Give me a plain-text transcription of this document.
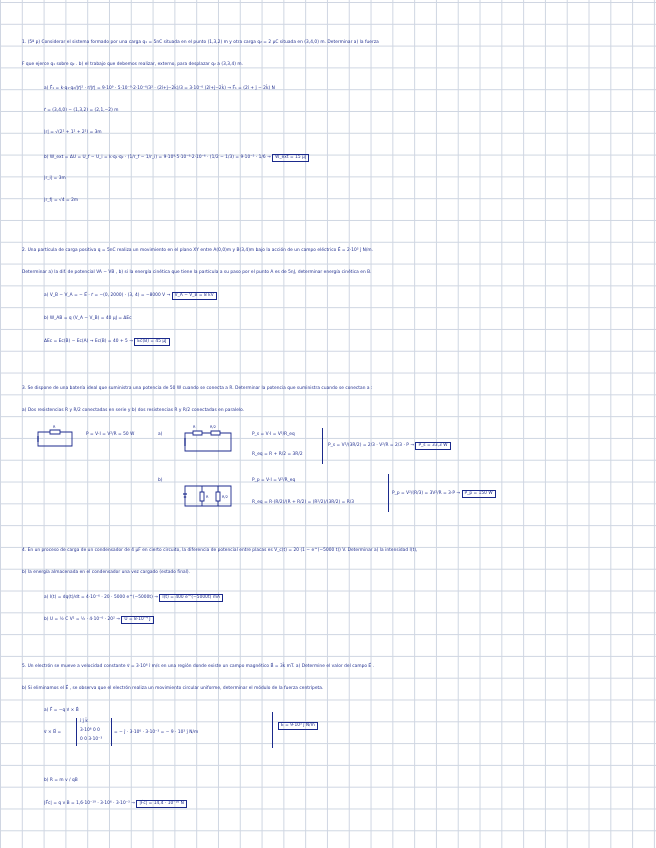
1. (5ª p) Considerar el sistema formado por una carga q₁ = 5nC situada en el punto (1,3,2) m y otra carga q₂ = 2 μC situada en (3,4,0) m. Determinar a) la fuerza
F que ejerce q₁ sobre q₂ . b) el trabajo que debemos realizar, externo, para desplazar q₂ a (3,3,4) m.
a) F⃗₁ = k·q₁·q₂/|r⃗|² · r⃗/|r⃗| = 9·10⁹ · 5·10⁻⁹·2·10⁻⁶/3² · (2î+ĵ−2k̂)/3 = 3·10⁻⁶ (2î+ĵ−2k̂) → F⃗₁ = (2î + ĵ − 2k̂) N
r⃗ = (3,4,0) − (1,3,2) = (2,1,−2) m
|r| = √(2² + 1² + 2²) = 3m
b) W_ext = ΔU = U_f − U_i = k·q₁·q₂ · (1/r_f − 1/r_i) = 9·10⁹·5·10⁻⁹·2·10⁻⁶ · (1/2 − 1/3) = 9·10⁻⁵ · 1/6 → W_ext = 15 μJ
|r_i| = 3m
|r_f| = √4 = 2m
2. Una partícula de carga positiva q = 5nC realiza un movimiento en el plano XY entre A(0,0)m y B(3,4)m bajo la acción de un campo eléctrico E⃗ = 2·10³ ĵ N/m.
Determinar a) la dif. de potencial VA − VB , b) si la energía cinética que tiene la partícula a su paso por el punto A es de 5nJ, determinar energía cinética en B.
a) V_B − V_A = − E⃗ · r⃗ = −(0, 2000) · (3, 4) = −8000 V → V_A − V_B = 8 kV
b) W_AB = q (V_A − V_B) = 40 μJ = ΔEc
ΔEc = Ec(B) − Ec(A) → Ec(B) = 40 + 5 → Ec(B) = 45 μJ
3. Se dispone de una batería ideal que suministra una potencia de 50 W cuando se conecta a R. Determinar la potencia que suministra cuando se conectan a :
a) Dos resistencias R y R/2 conectadas en serie y b) dos resistencias R y R/2 conectadas en paralelo.
R
P = V·I = V²/R = 50 W	a)
R	R/2
P_s = V·I = V²/R_eq
R_eq = R + R/2 = 3R/2
P_s = V²/(3R/2) = 2/3 · V²/R = 2/3 · P → P_s = 33,3 W
b)
R	R/2
P_p = V·I = V²/R_eq
R_eq = R·(R/2)/(R + R/2) = (R²/2)/(3R/2) = R/3
P_p = V²/(R/3) = 3V²/R = 3·P → P_p = 150 W
4. En un proceso de carga de un condensador de 4 μF en cierto circuito, la diferencia de potencial entre placas es V_c(t) = 20 (1 − e^(−5000 t)) V. Determinar a) la intensidad I(t),
b) la energía almacenada en el condensador una vez cargado (estado final).
a) I(t) = dq(t)/dt = 4·10⁻⁶ · 20 · 5000 e^(−5000t) → I(t) = 400 e^(−5000t) mA
b) U = ½ C V² = ½ · 4·10⁻⁶ · 20² → U = 8·10⁻⁴ J
5. Un electrón se mueve a velocidad constante v⃗ = 3·10⁶ î m/s en una región donde existe un campo magnético B⃗ = 3k̂ mT. a) Determine el valor del campo E⃗ .
b) Si eliminamos el E⃗ , se observa que el electrón realiza un movimiento circular uniforme, determinar el módulo de la fuerza centrípeta.
a) F⃗ = −q v⃗ × B⃗
v⃗ × B⃗ =
î ĵ k̂
3·10⁶ 0 0
0 0 3·10⁻³
= − ĵ · 3·10⁶ · 3·10⁻³ = − 9 · 10³ ĵ N/m
E⃗ = 9·10³ ĵ N/m
b) R = m v / qB
|F⃗c| = q v B = 1,6·10⁻¹⁹ · 3·10⁶ · 3·10⁻³ → |F⃗c| = 14,4 · 10⁻¹⁶ N
